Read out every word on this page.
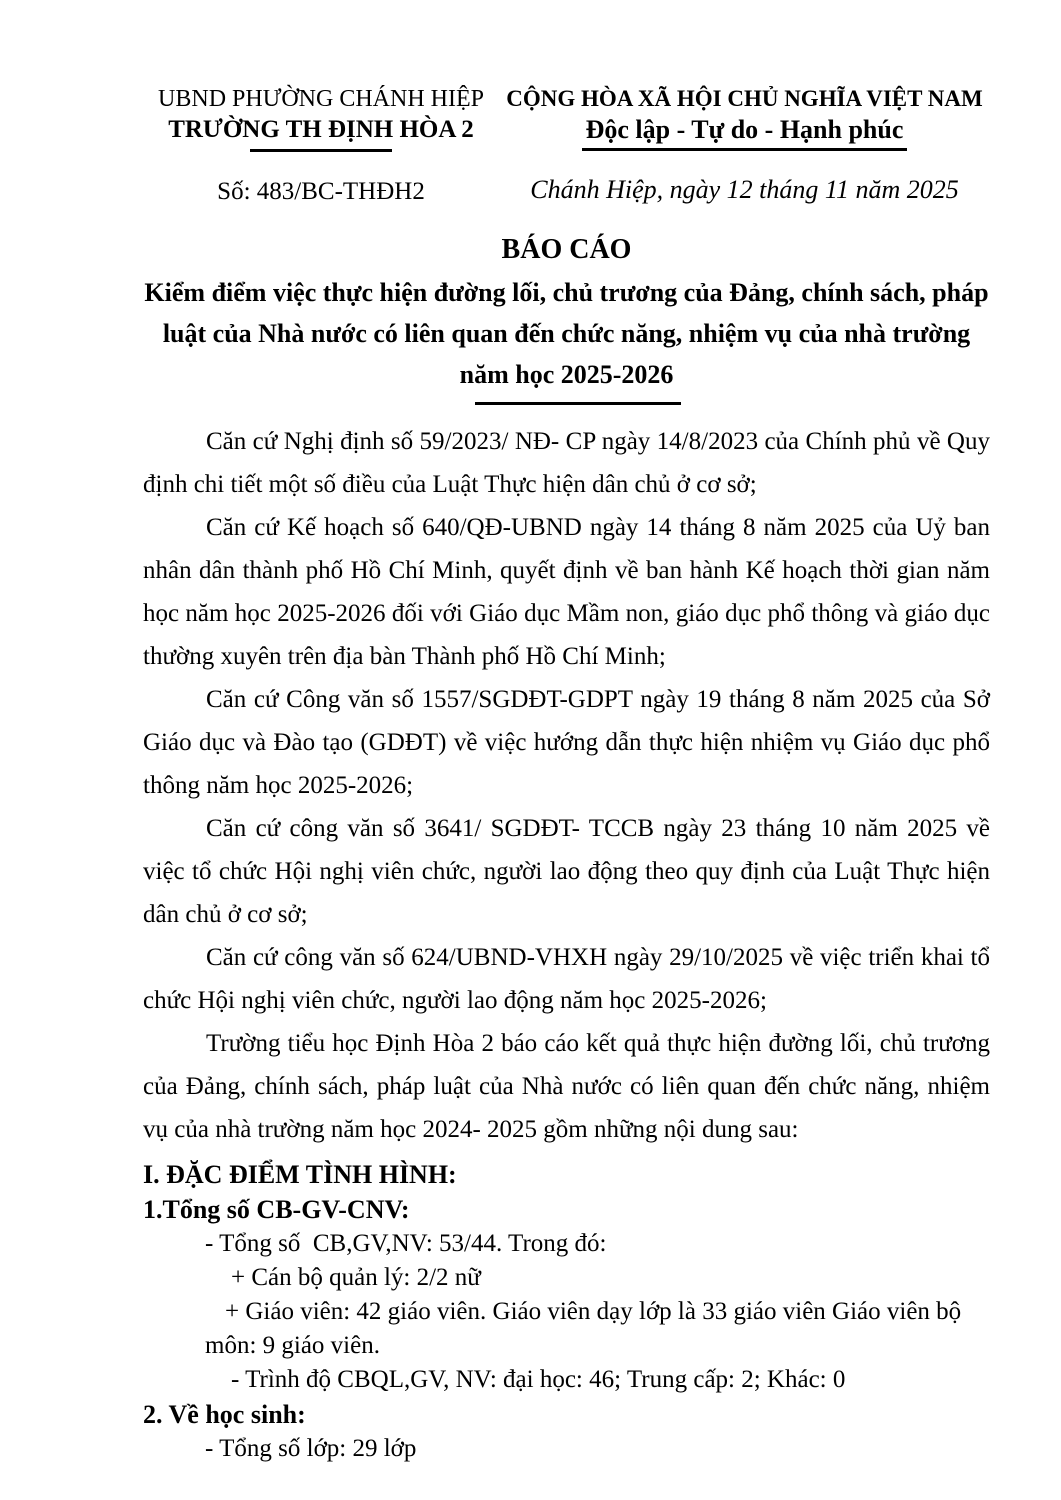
UBND PHƯỜNG CHÁNH HIỆP
TRƯỜNG TH ĐỊNH HÒA 2
Số: 483/BC-THĐH2
CỘNG HÒA XÃ HỘI CHỦ NGHĨA VIỆT NAM
Độc lập - Tự do - Hạnh phúc
Chánh Hiệp, ngày 12 tháng 11 năm 2025
BÁO CÁO
Kiểm điểm việc thực hiện đường lối, chủ trương của Đảng, chính sách, pháp luật của Nhà nước có liên quan đến chức năng, nhiệm vụ của nhà trường năm học 2025-2026

Căn cứ Nghị định số 59/2023/ NĐ- CP ngày 14/8/2023 của Chính phủ về Quy định chi tiết một số điều của Luật Thực hiện dân chủ ở cơ sở;

Căn cứ Kế hoạch số 640/QĐ-UBND ngày 14 tháng 8 năm 2025 của Uỷ ban nhân dân thành phố Hồ Chí Minh, quyết định về ban hành Kế hoạch thời gian năm học năm học 2025-2026 đối với Giáo dục Mầm non, giáo dục phổ thông và giáo dục thường xuyên trên địa bàn Thành phố Hồ Chí Minh;

Căn cứ Công văn số 1557/SGDĐT-GDPT ngày 19 tháng 8 năm 2025 của Sở Giáo dục và Đào tạo (GDĐT) về việc hướng dẫn thực hiện nhiệm vụ Giáo dục phổ thông năm học 2025-2026;

Căn cứ công văn số 3641/ SGDĐT- TCCB ngày 23 tháng 10 năm 2025 về việc tổ chức Hội nghị viên chức, người lao động theo quy định của Luật Thực hiện dân chủ ở cơ sở;

Căn cứ công văn số 624/UBND-VHXH ngày 29/10/2025 về việc triển khai tổ chức Hội nghị viên chức, người lao động năm học 2025-2026;

Trường tiểu học Định Hòa 2 báo cáo kết quả thực hiện đường lối, chủ trương của Đảng, chính sách, pháp luật của Nhà nước có liên quan đến chức năng, nhiệm vụ của nhà trường năm học 2024- 2025 gồm những nội dung sau:

I. ĐẶC ĐIỂM TÌNH HÌNH:
1.Tổng số CB-GV-CNV:
- Tổng số  CB,GV,NV: 53/44. Trong đó:
+ Cán bộ quản lý: 2/2 nữ
+ Giáo viên: 42 giáo viên. Giáo viên dạy lớp là 33 giáo viên Giáo viên bộ môn: 9 giáo viên.
- Trình độ CBQL,GV, NV: đại học: 46; Trung cấp: 2; Khác: 0
2. Về học sinh:
- Tổng số lớp: 29 lớp
